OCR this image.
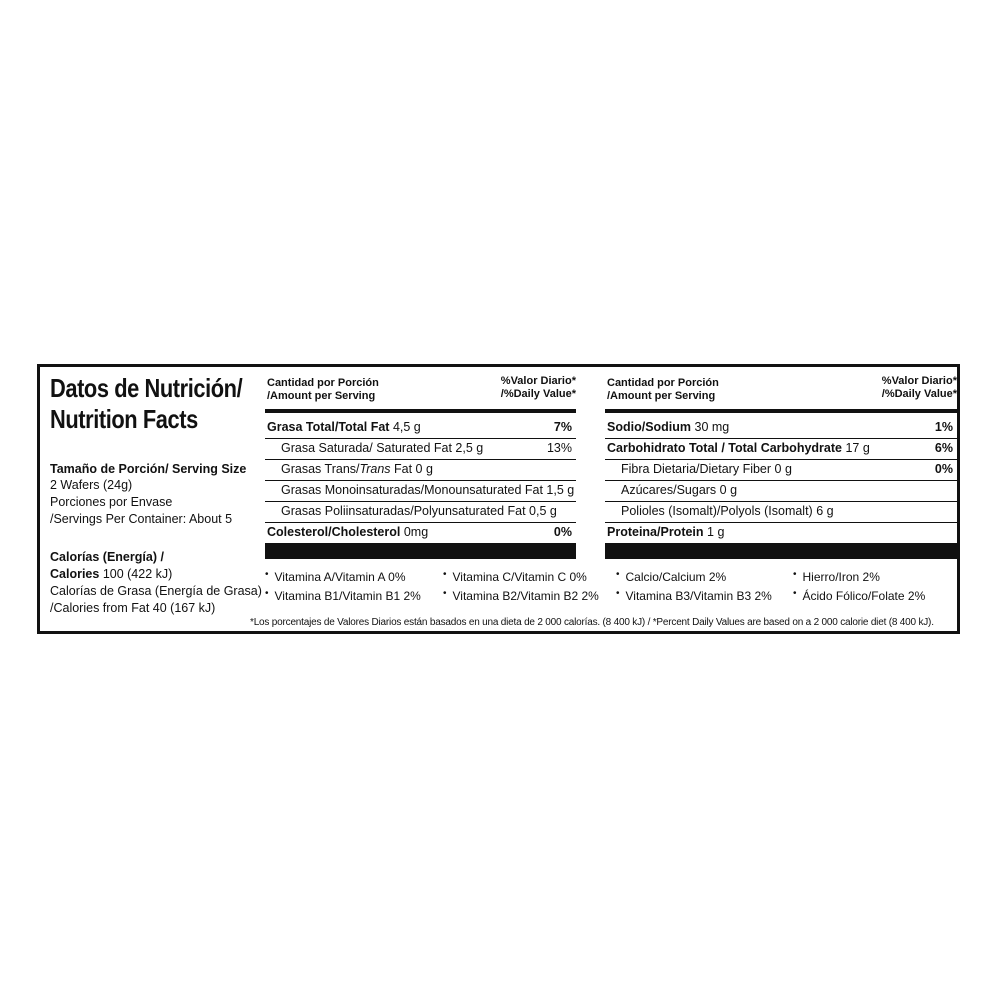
Datos de Nutrición/
Nutrition Facts
Tamaño de Porción/ Serving Size
2 Wafers (24g)
Porciones por Envase
/Servings Per Container: About 5
Calorías (Energía) /
Calories 100 (422 kJ)
Calorías de Grasa (Energía de Grasa)
/Calories from Fat 40 (167 kJ)
Cantidad por Porción
/Amount per Serving
%Valor Diario*
/%Daily Value*
Grasa Total/Total Fat 4,5 g	7%
Grasa Saturada/ Saturated Fat 2,5 g	13%
Grasas Trans/Trans Fat 0 g
Grasas Monoinsaturadas/Monounsaturated Fat 1,5 g
Grasas Poliinsaturadas/Polyunsaturated Fat 0,5 g
Colesterol/Cholesterol 0mg	0%
Cantidad por Porción
/Amount per Serving
%Valor Diario*
/%Daily Value*
Sodio/Sodium 30 mg	1%
Carbohidrato Total / Total Carbohydrate 17 g	6%
Fibra Dietaria/Dietary Fiber 0 g	0%
Azúcares/Sugars 0 g
Polioles (Isomalt)/Polyols (Isomalt) 6 g
Proteina/Protein 1 g
• Vitamina A/Vitamin A 0%
• Vitamina B1/Vitamin B1 2%
• Vitamina C/Vitamin C 0%
• Vitamina B2/Vitamin B2 2%
• Calcio/Calcium 2%
• Vitamina B3/Vitamin B3 2%
• Hierro/Iron 2%
• Ácido Fólico/Folate 2%
*Los porcentajes de Valores Diarios están basados en una dieta de 2 000 calorías. (8 400 kJ) / *Percent Daily Values are based on a 2 000 calorie diet (8 400 kJ).
